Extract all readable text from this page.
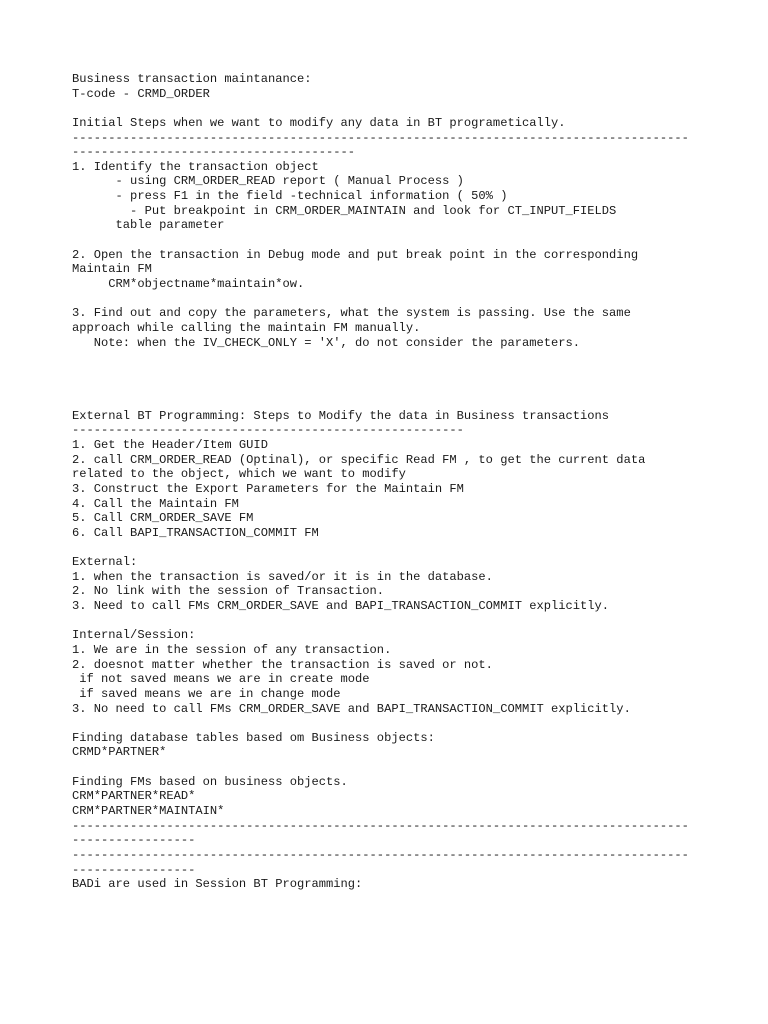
Business transaction maintanance:
T-code - CRMD_ORDER
Initial Steps when we want to modify any data in BT programetically.
-------------------------------------------------------------------------------------
---------------------------------------
1. Identify the transaction object
- using CRM_ORDER_READ report ( Manual Process )
- press F1 in the field -technical information ( 50% )
- Put breakpoint in CRM_ORDER_MAINTAIN and look for CT_INPUT_FIELDS
table parameter
2. Open the transaction in Debug mode and put break point in the corresponding
Maintain FM
CRM*objectname*maintain*ow.
3. Find out and copy the parameters, what the system is passing. Use the same
approach while calling the maintain FM manually.
Note: when the IV_CHECK_ONLY = 'X', do not consider the parameters.
External BT Programming: Steps to Modify the data in Business transactions
------------------------------------------------------
1. Get the Header/Item GUID
2. call CRM_ORDER_READ (Optinal), or specific Read FM , to get the current data
related to the object, which we want to modify
3. Construct the Export Parameters for the Maintain FM
4. Call the Maintain FM
5. Call CRM_ORDER_SAVE FM
6. Call BAPI_TRANSACTION_COMMIT FM
External:
1. when the transaction is saved/or it is in the database.
2. No link with the session of Transaction.
3. Need to call FMs CRM_ORDER_SAVE and BAPI_TRANSACTION_COMMIT explicitly.
Internal/Session:
1. We are in the session of any transaction.
2. doesnot matter whether the transaction is saved or not.
if not saved means we are in create mode
if saved means we are in change mode
3. No need to call FMs CRM_ORDER_SAVE and BAPI_TRANSACTION_COMMIT explicitly.
Finding database tables based om Business objects:
CRMD*PARTNER*
Finding FMs based on business objects.
CRM*PARTNER*READ*
CRM*PARTNER*MAINTAIN*
-------------------------------------------------------------------------------------
-----------------
-------------------------------------------------------------------------------------
-----------------
BADi are used in Session BT Programming:
